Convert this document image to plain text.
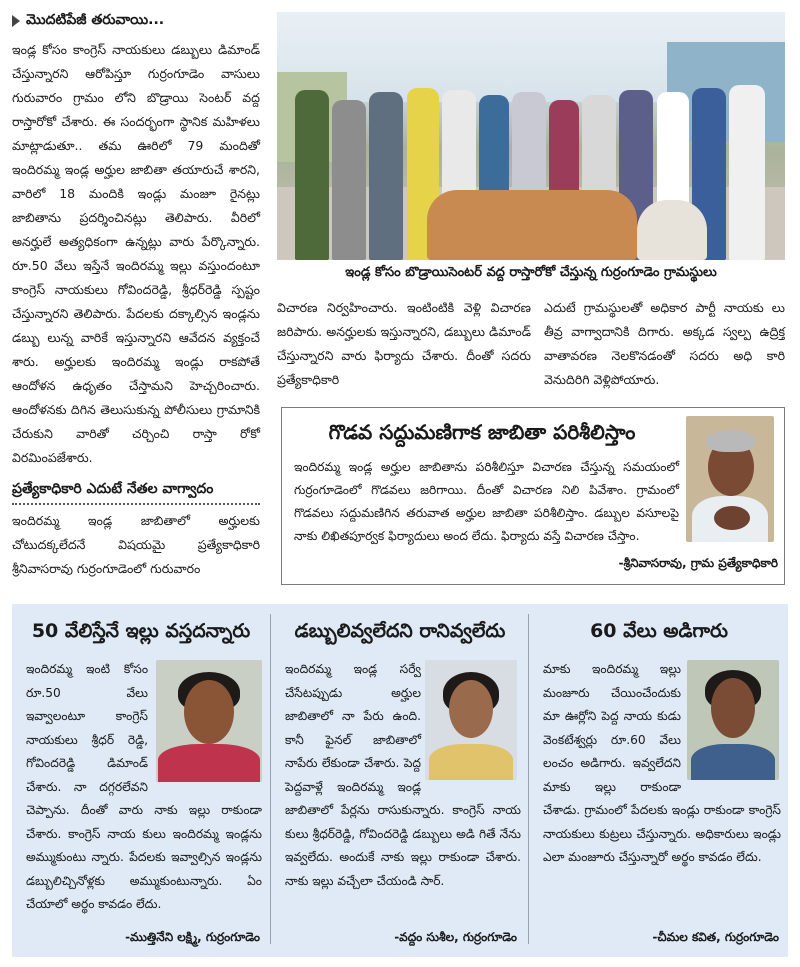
మొదటిపేజీ తరువాయి...

ఇండ్ల కోసం కాంగ్రెస్ నాయకులు డబ్బులు డిమాండ్ చేస్తున్నారని ఆరోపిస్తూ గుర్రంగూడెం వాసులు గురువారం గ్రామం లోని బొడ్రాయి సెంటర్ వద్ద రాస్తారోకో చేశారు. ఈ సందర్భంగా స్థానిక మహిళలు మాట్లాడుతూ.. తమ ఊరిలో 79 మందితో ఇందిరమ్మ ఇండ్ల అర్హుల జాబితా తయారుచే శారని, వారిలో 18 మందికి ఇండ్లు మంజూ రైనట్లు జాబితాను ప్రదర్శించినట్లు తెలిపారు. వీరిలో అనర్హులే అత్యధికంగా ఉన్నట్లు వారు పేర్కొన్నారు. రూ.50 వేలు ఇస్తేనే ఇందిరమ్మ ఇల్లు వస్తుందంటూ కాంగ్రెస్ నాయకులు గోవిందరెడ్డి, శ్రీధర్‌రెడ్డి స్పష్టం చేస్తున్నారని తెలిపారు. పేదలకు దక్కాల్సిన ఇండ్లను డబ్బు లున్న వారికే ఇస్తున్నారని ఆవేదన వ్యక్తంచే శారు. అర్హులకు ఇందిరమ్మ ఇండ్లు రాకపోతే ఆందోళన ఉధృతం చేస్తామని హెచ్చరించారు. ఆందోళనకు దిగిన తెలుసుకున్న పోలీసులు గ్రామానికి చేరుకుని వారితో చర్చించి రాస్తా రోకో విరమింపజేశారు.

ప్రత్యేకాధికారి ఎదుటే నేతల వాగ్వాదం

ఇందిరమ్మ ఇండ్ల జాబితాలో అర్హులకు చోటుదక్కలేదనే విషయమై ప్రత్యేకాధికారి శ్రీనివాసరావు గుర్రంగూడెంలో గురువారం

ఇండ్ల కోసం బొడ్రాయిసెంటర్ వద్ద రాస్తారోకో చేస్తున్న గుర్రంగూడెం గ్రామస్థులు

విచారణ నిర్వహించారు. ఇంటింటికి వెళ్లి విచారణ జరిపారు. అనర్హులకు ఇస్తున్నారని, డబ్బులు డిమాండ్ చేస్తున్నారని వారు ఫిర్యాదు చేశారు. దీంతో సదరు ప్రత్యేకాధికారి

ఎదుటే గ్రామస్థులతో అధికార పార్టీ నాయకు లు తీవ్ర వాగ్వాదానికి దిగారు. అక్కడ స్వల్ప ఉద్రిక్త వాతావరణ నెలకొనడంతో సదరు అధి కారి వెనుదిరిగి వెళ్లిపోయారు.

గొడవ సద్దుమణిగాక జాబితా పరిశీలిస్తాం

ఇందిరమ్మ ఇండ్ల అర్హుల జాబితాను పరిశీలిస్తూ విచారణ చేస్తున్న సమయంలో గుర్రంగూడెంలో గొడవలు జరిగాయి. దీంతో విచారణ నిలి పివేశాం. గ్రామంలో గొడవలు సద్దుమణిగిన తరువాత అర్హుల జాబితా పరిశీలిస్తాం. డబ్బుల వసూలపై నాకు లిఖితపూర్వక ఫిర్యాదులు అంద లేదు. ఫిర్యాదు వస్తే విచారణ చేస్తాం.

-శ్రీనివాసరావు, గ్రామ ప్రత్యేకాధికారి
50 వేలిస్తేనే ఇల్లు వస్తదన్నారు

ఇందిరమ్మ ఇంటి కోసం రూ.50 వేలు ఇవ్వాలంటూ కాంగ్రెస్ నాయకులు శ్రీధర్ రెడ్డి, గోవిందరెడ్డి డిమాండ్ చేశారు. నా దగ్గరలేవని చెప్పాను. దీంతో వారు నాకు ఇల్లు రాకుండా చేశారు. కాంగ్రెస్ నాయ కులు ఇందిరమ్మ ఇండ్లను అమ్ముకుంటు న్నారు. పేదలకు ఇవ్వాల్సిన ఇండ్లను డబ్బులిచ్చినోళ్లకు అమ్ముకుంటున్నారు. ఏం చేయాలో అర్థం కావడం లేదు.

-ముత్తినేని లక్ష్మి, గుర్రంగూడెం
డబ్బులివ్వలేదని రానివ్వలేదు

ఇందిరమ్మ ఇండ్ల సర్వే చేసేటప్పుడు అర్హుల జాబితాలో నా పేరు ఉంది. కానీ ఫైనల్ జాబితాలో నాపేరు లేకుండా చేశారు. పెద్ద పెద్దవాళ్లే ఇందిరమ్మ ఇండ్ల జాబితాలో పేర్లను రాసుకున్నారు. కాంగ్రెస్ నాయ కులు శ్రీధర్‌రెడ్డి, గోవిందరెడ్డి డబ్బులు అడి గితే నేను ఇవ్వలేదు. అందుకే నాకు ఇల్లు రాకుండా చేశారు. నాకు ఇల్లు వచ్చేలా చేయండి సార్.

-వద్దం సుశీల, గుర్రంగూడెం
60 వేలు అడిగారు

మాకు ఇందిరమ్మ ఇల్లు మంజూరు చేయించేందుకు మా ఊర్లోని పెద్ద నాయ కుడు వెంకటేశ్వర్లు రూ.60 వేలు లంచం అడిగారు. ఇవ్వలేదని మాకు ఇల్లు రాకుండా చేశాడు. గ్రామంలో పేదలకు ఇండ్లు రాకుండా కాంగ్రెస్ నాయకులు కుట్రలు చేస్తున్నారు. అధికారులు ఇండ్లు ఎలా మంజూరు చేస్తున్నారో అర్థం కావడం లేదు.

-చీమల కవిత, గుర్రంగూడెం
